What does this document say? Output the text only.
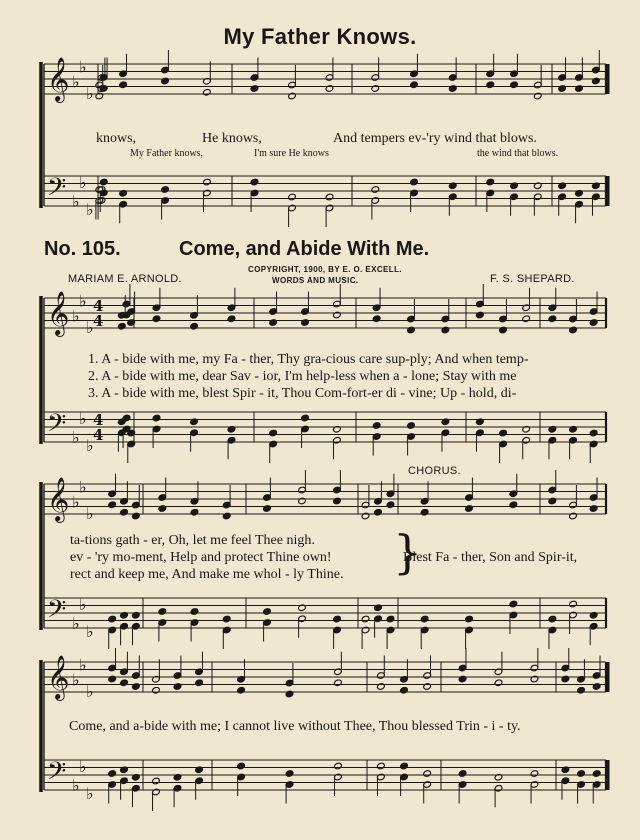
𝄞
𝄢
♭
♭
♭
♭
♭
♭
𝄞
𝄢
♭
♭
♭
♭
♭
♭
4
4
4
4
𝄞
𝄢
♭
♭
♭
♭
♭
♭
𝄞
𝄢
♭
♭
♭
♭
♭
♭
}
My Father Knows.
knows,	He knows,	And tempers ev-'ry wind that blows.
My Father knows,	I'm sure He knows	the wind that blows.
No. 105.	Come, and Abide With Me.
MARIAM E. ARNOLD.
COPYRIGHT, 1900, BY E. O. EXCELL.
WORDS AND MUSIC.	F. S. SHEPARD.
1. A - bide with me, my Fa - ther, Thy gra-cious care sup-ply; And when temp-
2. A - bide with me, dear Sav - ior, I'm help-less when a - lone; Stay with me
3. A - bide with me, blest Spir - it, Thou Com-fort-er di - vine; Up - hold, di-
CHORUS.
ta-tions gath - er, Oh, let me feel Thee nigh.
ev - 'ry mo-ment, Help and protect Thine own!
rect and keep me, And make me whol - ly Thine.
Blest Fa - ther, Son and Spir-it,
Come, and a-bide with me; I cannot live without Thee, Thou blessed Trin - i - ty.
